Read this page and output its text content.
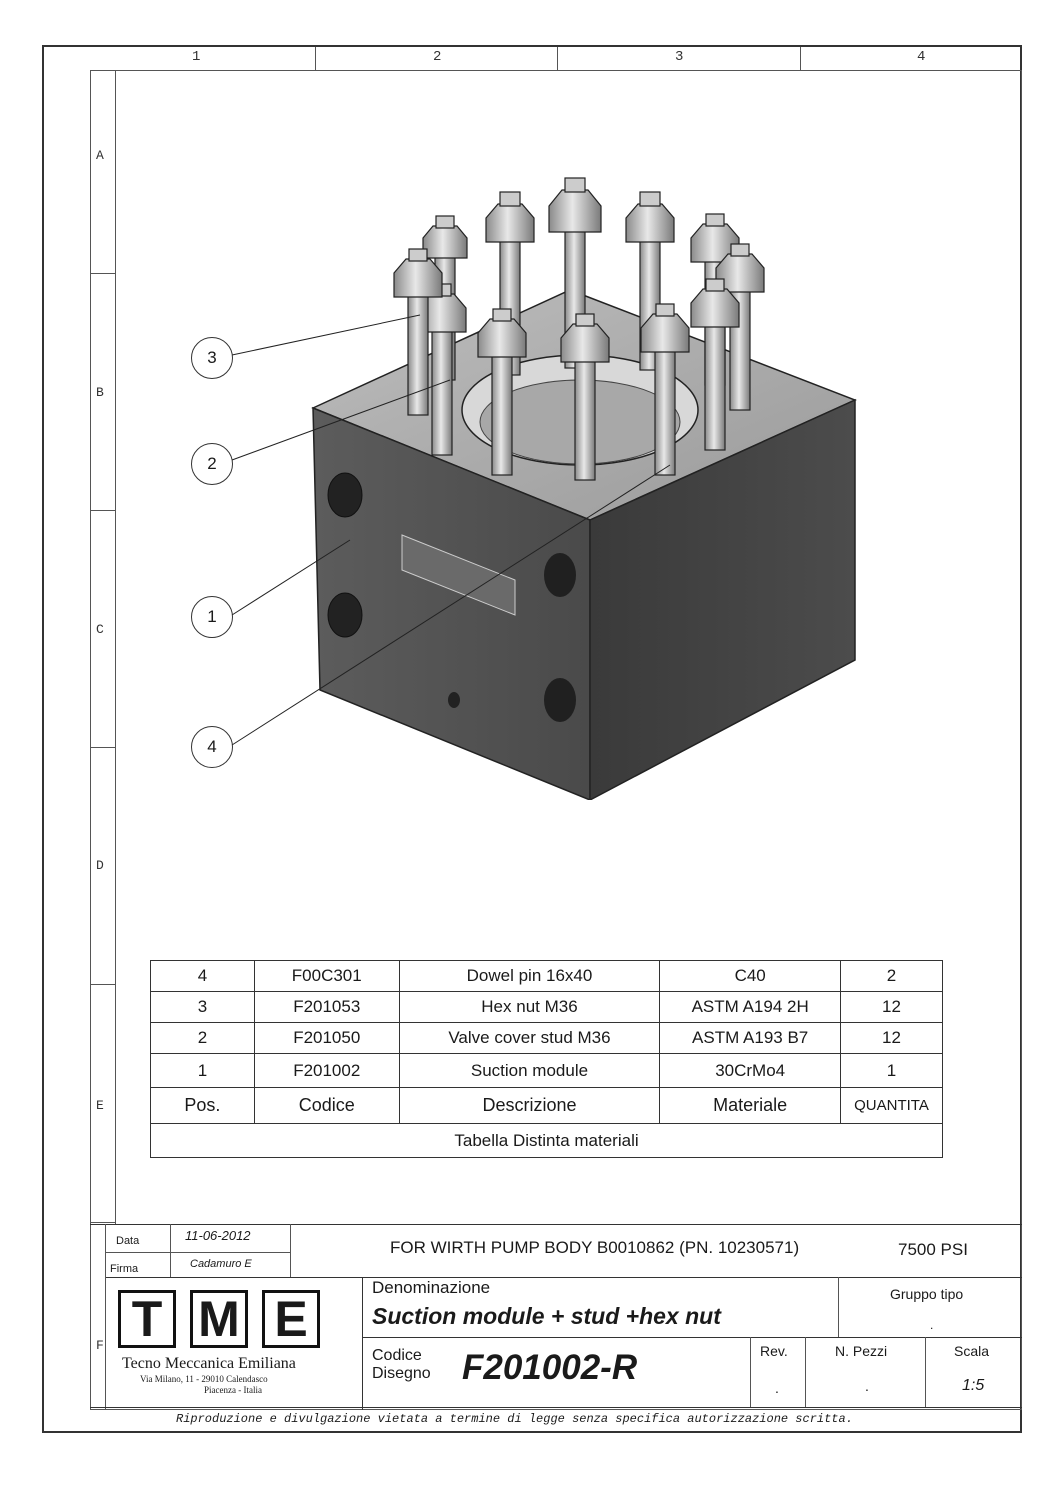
1	2	3	4
A
B
C
D
E
F
3
2
1
4
4	F00C301	Dowel pin 16x40	C40	2
3	F201053	Hex nut M36	ASTM A194 2H	12
2	F201050	Valve cover stud M36	ASTM A193 B7	12
1	F201002	Suction module	30CrMo4	1
Pos.	Codice	Descrizione	Materiale	QUANTITA
Tabella Distinta materiali				
Data	11-06-2012
Firma	Cadamuro E
FOR WIRTH PUMP BODY B0010862 (PN. 10230571)	7500 PSI
Denominazione
Suction module + stud +hex nut
Gruppo tipo
.
Codice
Disegno F201002-R	Rev.
.
N. Pezzi
.
Scala
1:5
T M E
Tecno Meccanica Emiliana
Via Milano, 11 - 29010 Calendasco
Piacenza - Italia
Riproduzione e divulgazione vietata a termine di legge senza specifica autorizzazione scritta.
